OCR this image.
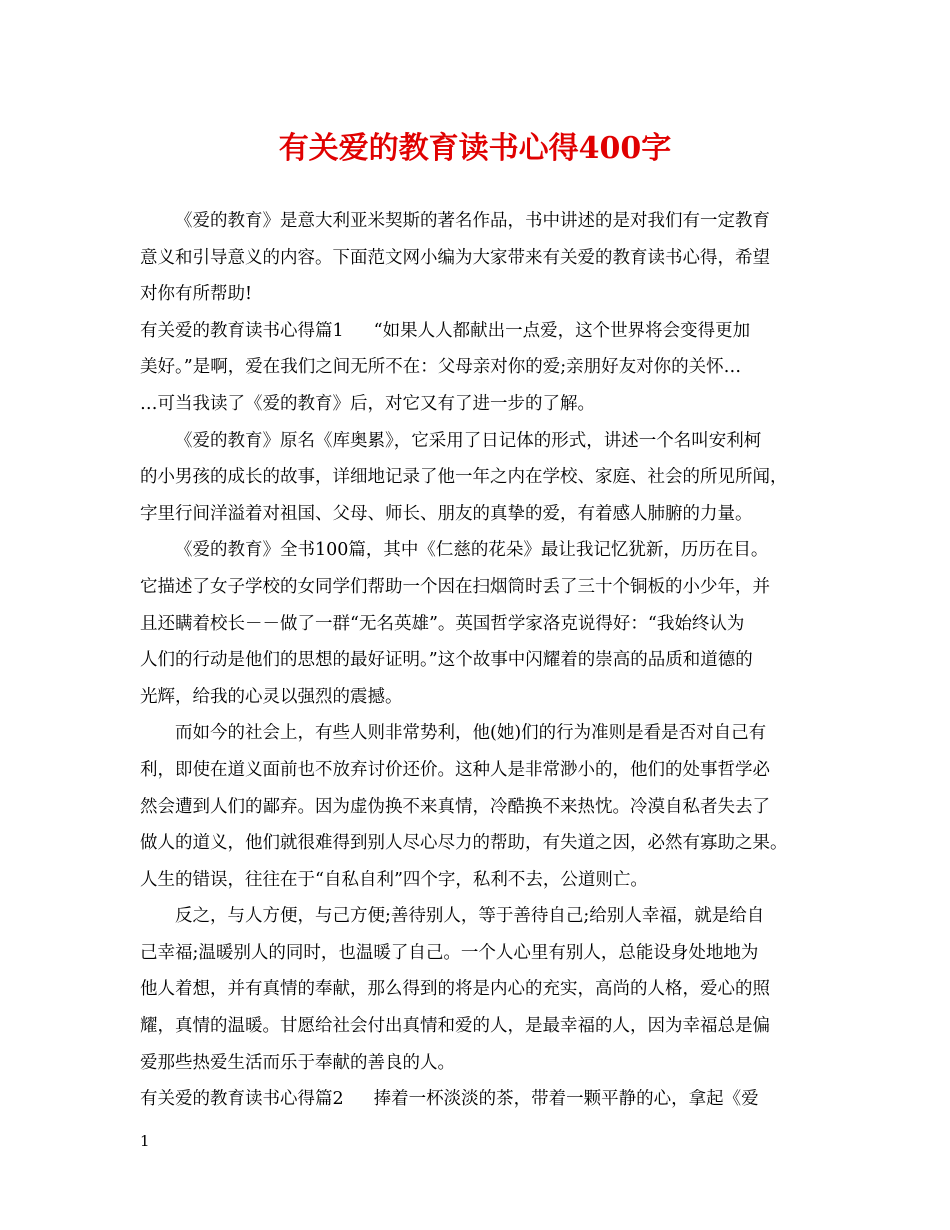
有关爱的教育读书心得400字
《爱的教育》是意大利亚米契斯的著名作品，书中讲述的是对我们有一定教育
意义和引导意义的内容。下面范文网小编为大家带来有关爱的教育读书心得，希望
对你有所帮助!
有关爱的教育读书心得篇1 “如果人人都献出一点爱，这个世界将会变得更加
美好。”是啊，爱在我们之间无所不在：父母亲对你的爱;亲朋好友对你的关怀…
…可当我读了《爱的教育》后，对它又有了进一步的了解。
《爱的教育》原名《库奥累》，它采用了日记体的形式，讲述一个名叫安利柯
的小男孩的成长的故事，详细地记录了他一年之内在学校、家庭、社会的所见所闻，
字里行间洋溢着对祖国、父母、师长、朋友的真挚的爱，有着感人肺腑的力量。
《爱的教育》全书100篇，其中《仁慈的花朵》最让我记忆犹新，历历在目。
它描述了女子学校的女同学们帮助一个因在扫烟筒时丢了三十个铜板的小少年，并
且还瞒着校长－－做了一群“无名英雄”。英国哲学家洛克说得好：“我始终认为
人们的行动是他们的思想的最好证明。”这个故事中闪耀着的崇高的品质和道德的
光辉，给我的心灵以强烈的震撼。
而如今的社会上，有些人则非常势利，他(她)们的行为准则是看是否对自己有
利，即使在道义面前也不放弃讨价还价。这种人是非常渺小的，他们的处事哲学必
然会遭到人们的鄙弃。因为虚伪换不来真情，冷酷换不来热忱。冷漠自私者失去了
做人的道义，他们就很难得到别人尽心尽力的帮助，有失道之因，必然有寡助之果。
人生的错误，往往在于“自私自利”四个字，私利不去，公道则亡。
反之，与人方便，与己方便;善待别人，等于善待自己;给别人幸福，就是给自
己幸福;温暖别人的同时，也温暖了自己。一个人心里有别人，总能设身处地地为
他人着想，并有真情的奉献，那么得到的将是内心的充实，高尚的人格，爱心的照
耀，真情的温暖。甘愿给社会付出真情和爱的人，是最幸福的人，因为幸福总是偏
爱那些热爱生活而乐于奉献的善良的人。
有关爱的教育读书心得篇2 捧着一杯淡淡的茶，带着一颗平静的心，拿起《爱
1
